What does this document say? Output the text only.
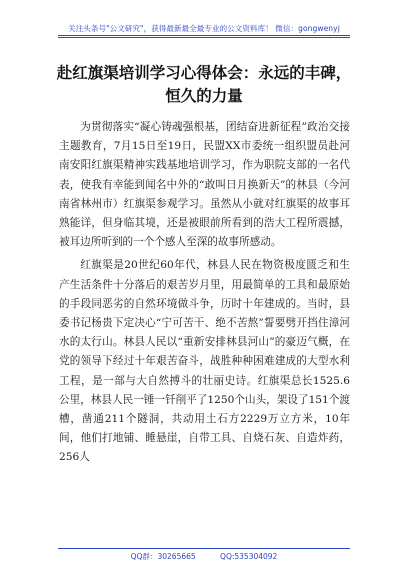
关注头条号"公文研究"，获得最新最全最专业的公文资料库！ 微信：gongwenyj
赴红旗渠培训学习心得体会：永远的丰碑，
恒久的力量

为贯彻落实“凝心铸魂强根基，团结奋进新征程”政治交接主题教育，7月15日至19日，民盟XX市委统一组织盟员赴河南安阳红旗渠精神实践基地培训学习，作为职院支部的一名代表，使我有幸能到闻名中外的“敢叫日月换新天”的林县（今河南省林州市）红旗渠参观学习。虽然从小就对红旗渠的故事耳熟能详，但身临其境，还是被眼前所看到的浩大工程所震撼，被耳边所听到的一个个感人至深的故事所感动。

红旗渠是20世纪60年代，林县人民在物资极度匮乏和生产生活条件十分落后的艰苦岁月里，用最简单的工具和最原始的手段同恶劣的自然环境做斗争，历时十年建成的。当时，县委书记杨贵下定决心“宁可苦干、绝不苦熬”誓要劈开挡住漳河水的太行山。林县人民以“重新安排林县河山”的豪迈气概，在党的领导下经过十年艰苦奋斗，战胜种种困难建成的大型水利工程，是一部与大自然搏斗的壮丽史诗。红旗渠总长1525.6公里，林县人民一锤一钎削平了1250个山头，架设了151个渡槽，凿通211个隧洞，共动用土石方2229万立方米，10年间，他们打地铺、睡悬崖，自带工具、自烧石灰、自造炸药，256人

QQ群：30265665	QQ:535304092
